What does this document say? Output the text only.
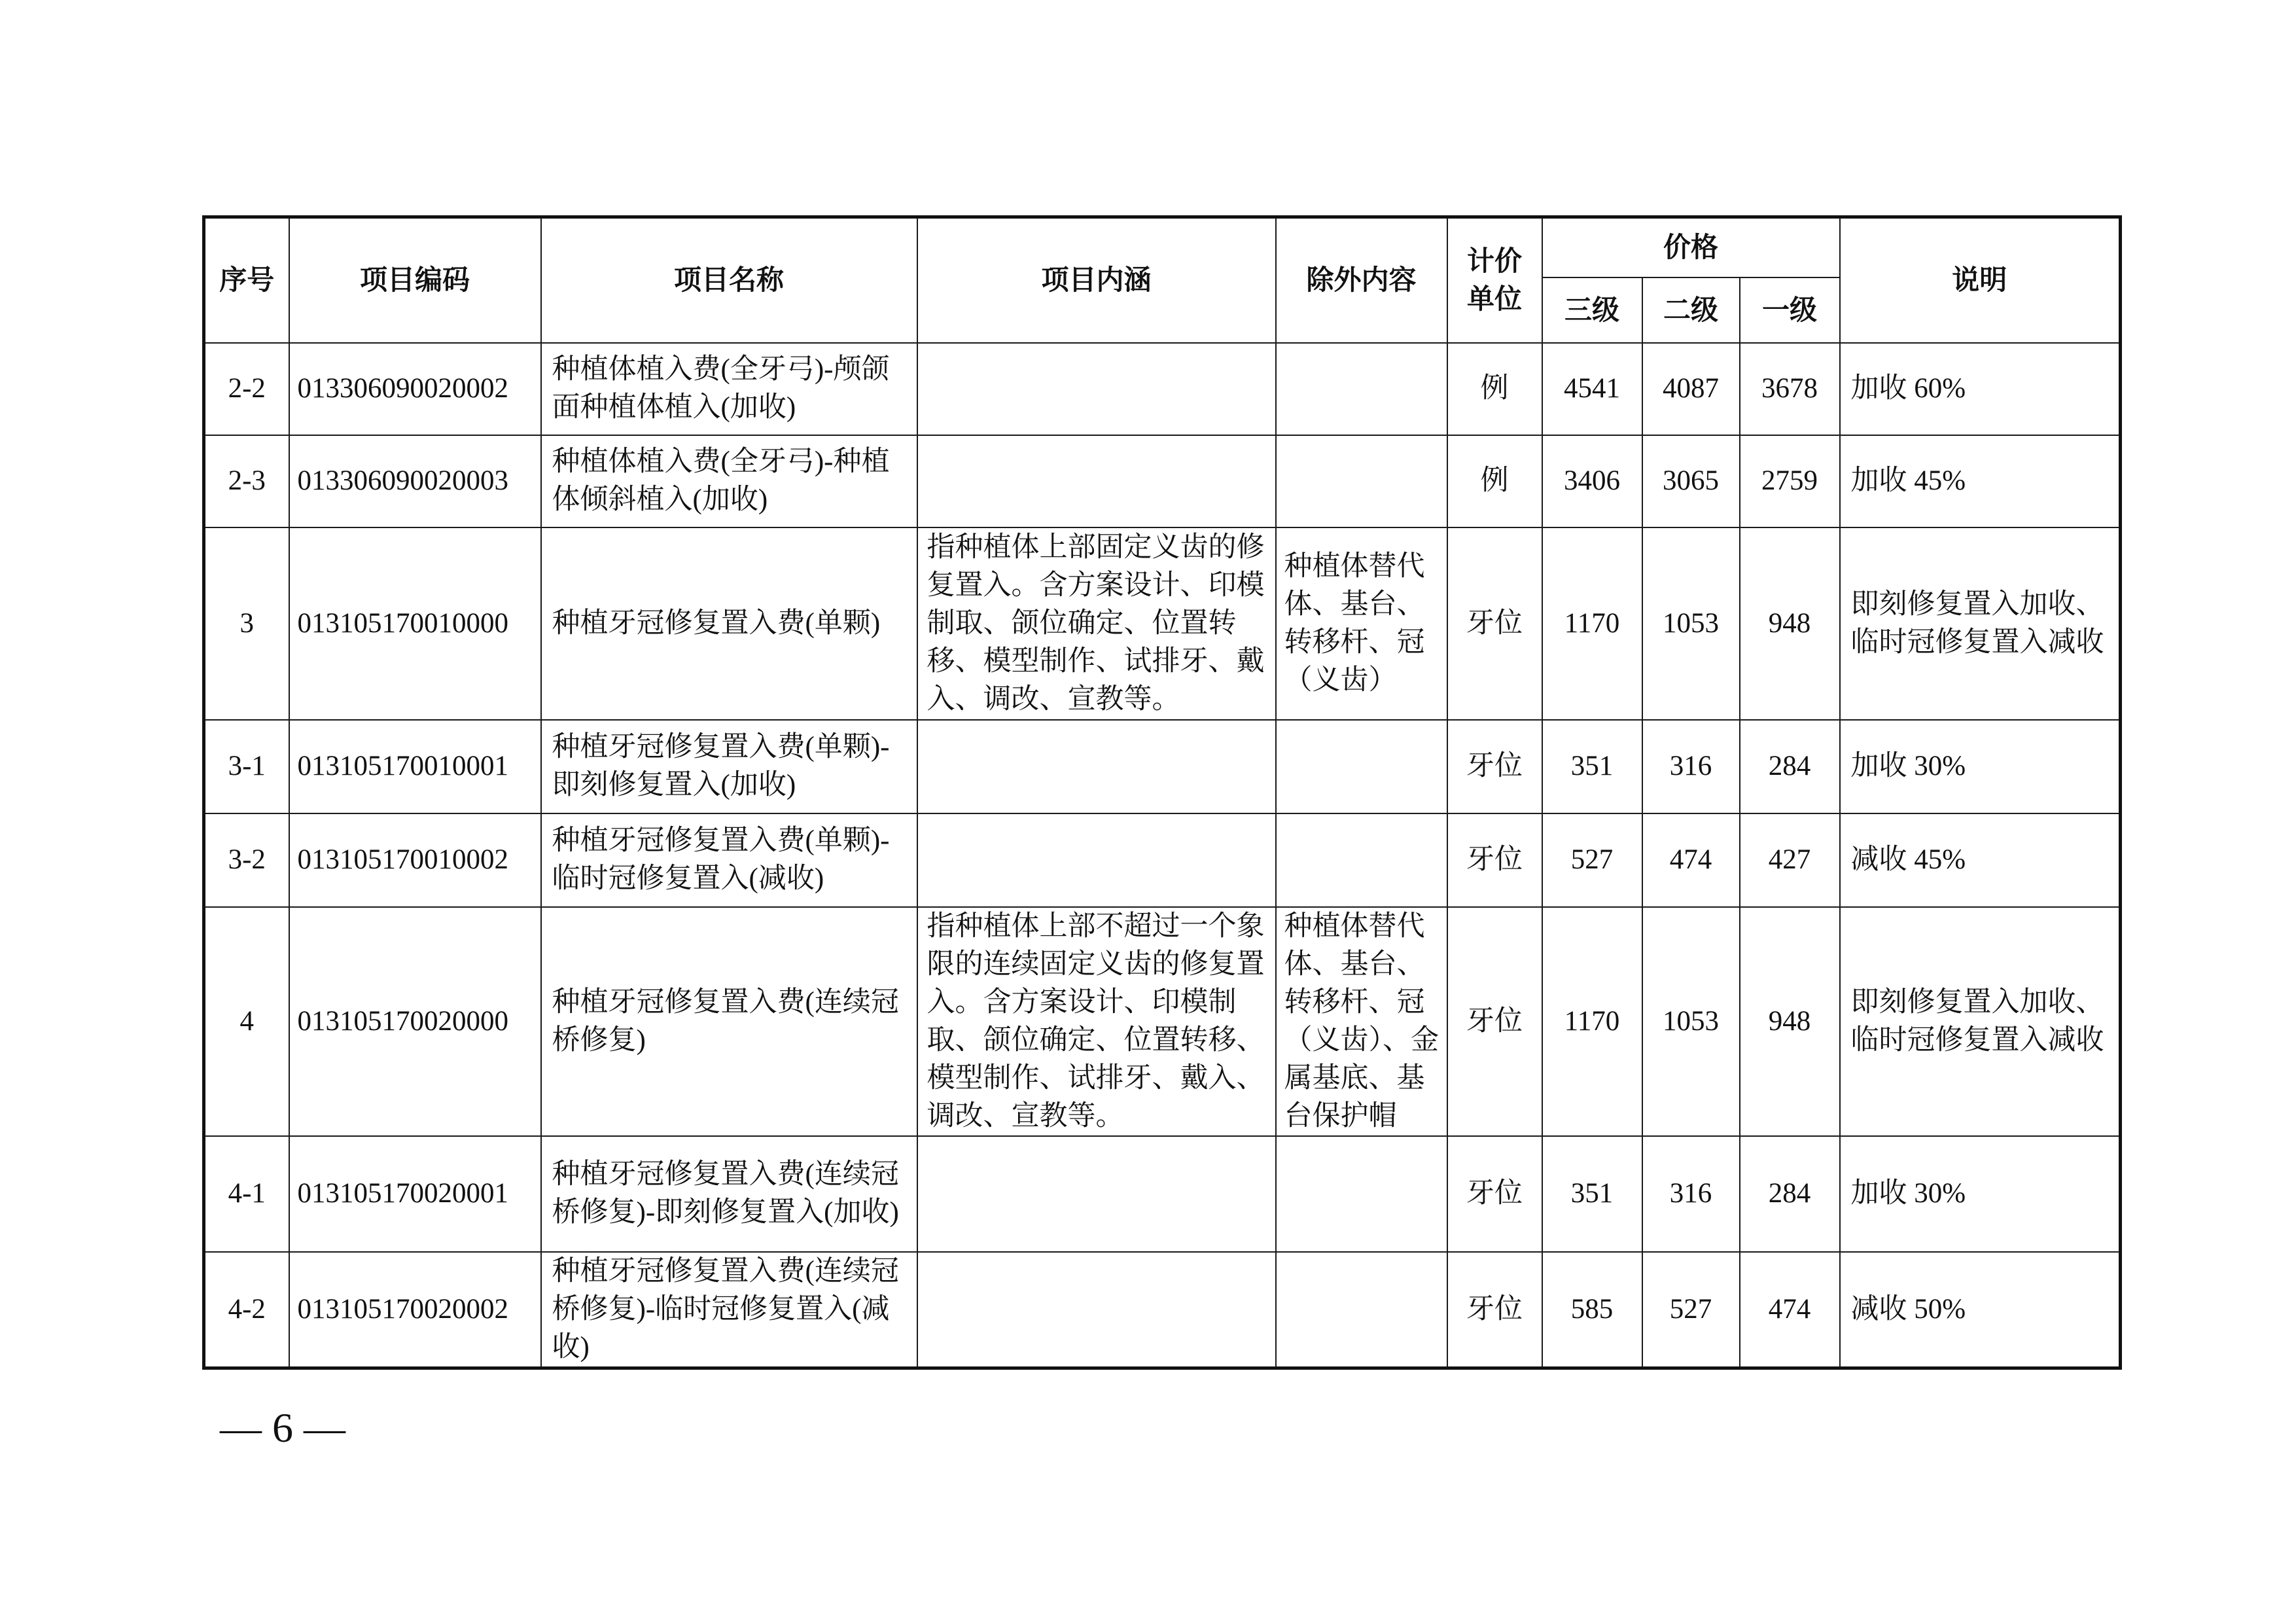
序号	项目编码	项目名称	项目内涵	除外内容	计价单位	价格			说明
						三级	二级	一级	
2-2	013306090020002	种植体植入费(全牙弓)-颅颌面种植体植入(加收)			例	4541	4087	3678	加收 60%
2-3	013306090020003	种植体植入费(全牙弓)-种植体倾斜植入(加收)			例	3406	3065	2759	加收 45%
3	013105170010000	种植牙冠修复置入费(单颗)	指种植体上部固定义齿的修复置入。含方案设计、印模制取、颌位确定、位置转移、模型制作、试排牙、戴入、调改、宣教等。	种植体替代体、基台、转移杆、冠（义齿）	牙位	1170	1053	948	即刻修复置入加收、临时冠修复置入减收
3-1	013105170010001	种植牙冠修复置入费(单颗)-即刻修复置入(加收)			牙位	351	316	284	加收 30%
3-2	013105170010002	种植牙冠修复置入费(单颗)-临时冠修复置入(减收)			牙位	527	474	427	减收 45%
4	013105170020000	种植牙冠修复置入费(连续冠桥修复)	指种植体上部不超过一个象限的连续固定义齿的修复置入。含方案设计、印模制取、颌位确定、位置转移、模型制作、试排牙、戴入、调改、宣教等。	种植体替代体、基台、转移杆、冠（义齿）、金属基底、基台保护帽	牙位	1170	1053	948	即刻修复置入加收、临时冠修复置入减收
4-1	013105170020001	种植牙冠修复置入费(连续冠桥修复)-即刻修复置入(加收)			牙位	351	316	284	加收 30%
4-2	013105170020002	种植牙冠修复置入费(连续冠桥修复)-临时冠修复置入(减收)			牙位	585	527	474	减收 50%
— 6 —
